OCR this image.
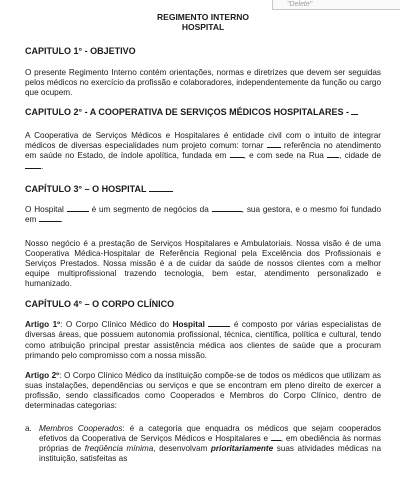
"Delete"
REGIMENTO INTERNO
HOSPITAL
CAPITULO 1° - OBJETIVO

O presente Regimento Interno contém orientações, normas e diretrizes que devem ser seguidas pelos médicos no exercício da profissão e colaboradores, independentemente da função ou cargo que ocupem.

CAPITULO 2° - A COOPERATIVA DE SERVIÇOS MÉDICOS HOSPITALARES -

A Cooperativa de Serviços Médicos e Hospitalares é entidade civil com o intuito de integrar médicos de diversas especialidades num projeto comum: tornar	referência no atendimento em saúde no Estado, de índole apolítica, fundada em , e com sede na Rua , cidade de .

CAPÍTULO 3° – O HOSPITAL

O Hospital	é um segmento de negócios da	, sua gestora, e o mesmo foi fundado em	.

Nosso negócio é a prestação de Serviços Hospitalares e Ambulatoriais. Nossa visão é de uma Cooperativa Médica-Hospitalar de Referência Regional pela Excelência dos Profissionais e Serviços Prestados. Nossa missão é a de cuidar da saúde de nossos clientes com a melhor equipe multiprofissional trazendo tecnologia, bem estar, atendimento personalizado e humanizado.

CAPÍTULO 4° – O CORPO CLÍNICO

Artigo 1º: O Corpo Clínico Médico do Hospital	é composto por várias especialistas de diversas áreas, que possuem autonomia profissional, técnica, científica, política e cultural, tendo como atribuição principal prestar assistência médica aos clientes de saúde que a procuram primando pelo compromisso com a nossa missão.

Artigo 2º: O Corpo Clínico Médico da instituição compõe-se de todos os médicos que utilizam as suas instalações, dependências ou serviços e que se encontram em pleno direito de exercer a profissão, sendo classificados como Cooperados e Membros do Corpo Clínico, dentro de determinadas categorias:

a. Membros Cooperados: é a categoria que enquadra os médicos que sejam cooperados efetivos da Cooperativa de Serviços Médicos e Hospitalares e , em obediência às normas próprias de freqüência mínima, desenvolvam prioritariamente suas atividades médicas na instituição, satisfeitas as
